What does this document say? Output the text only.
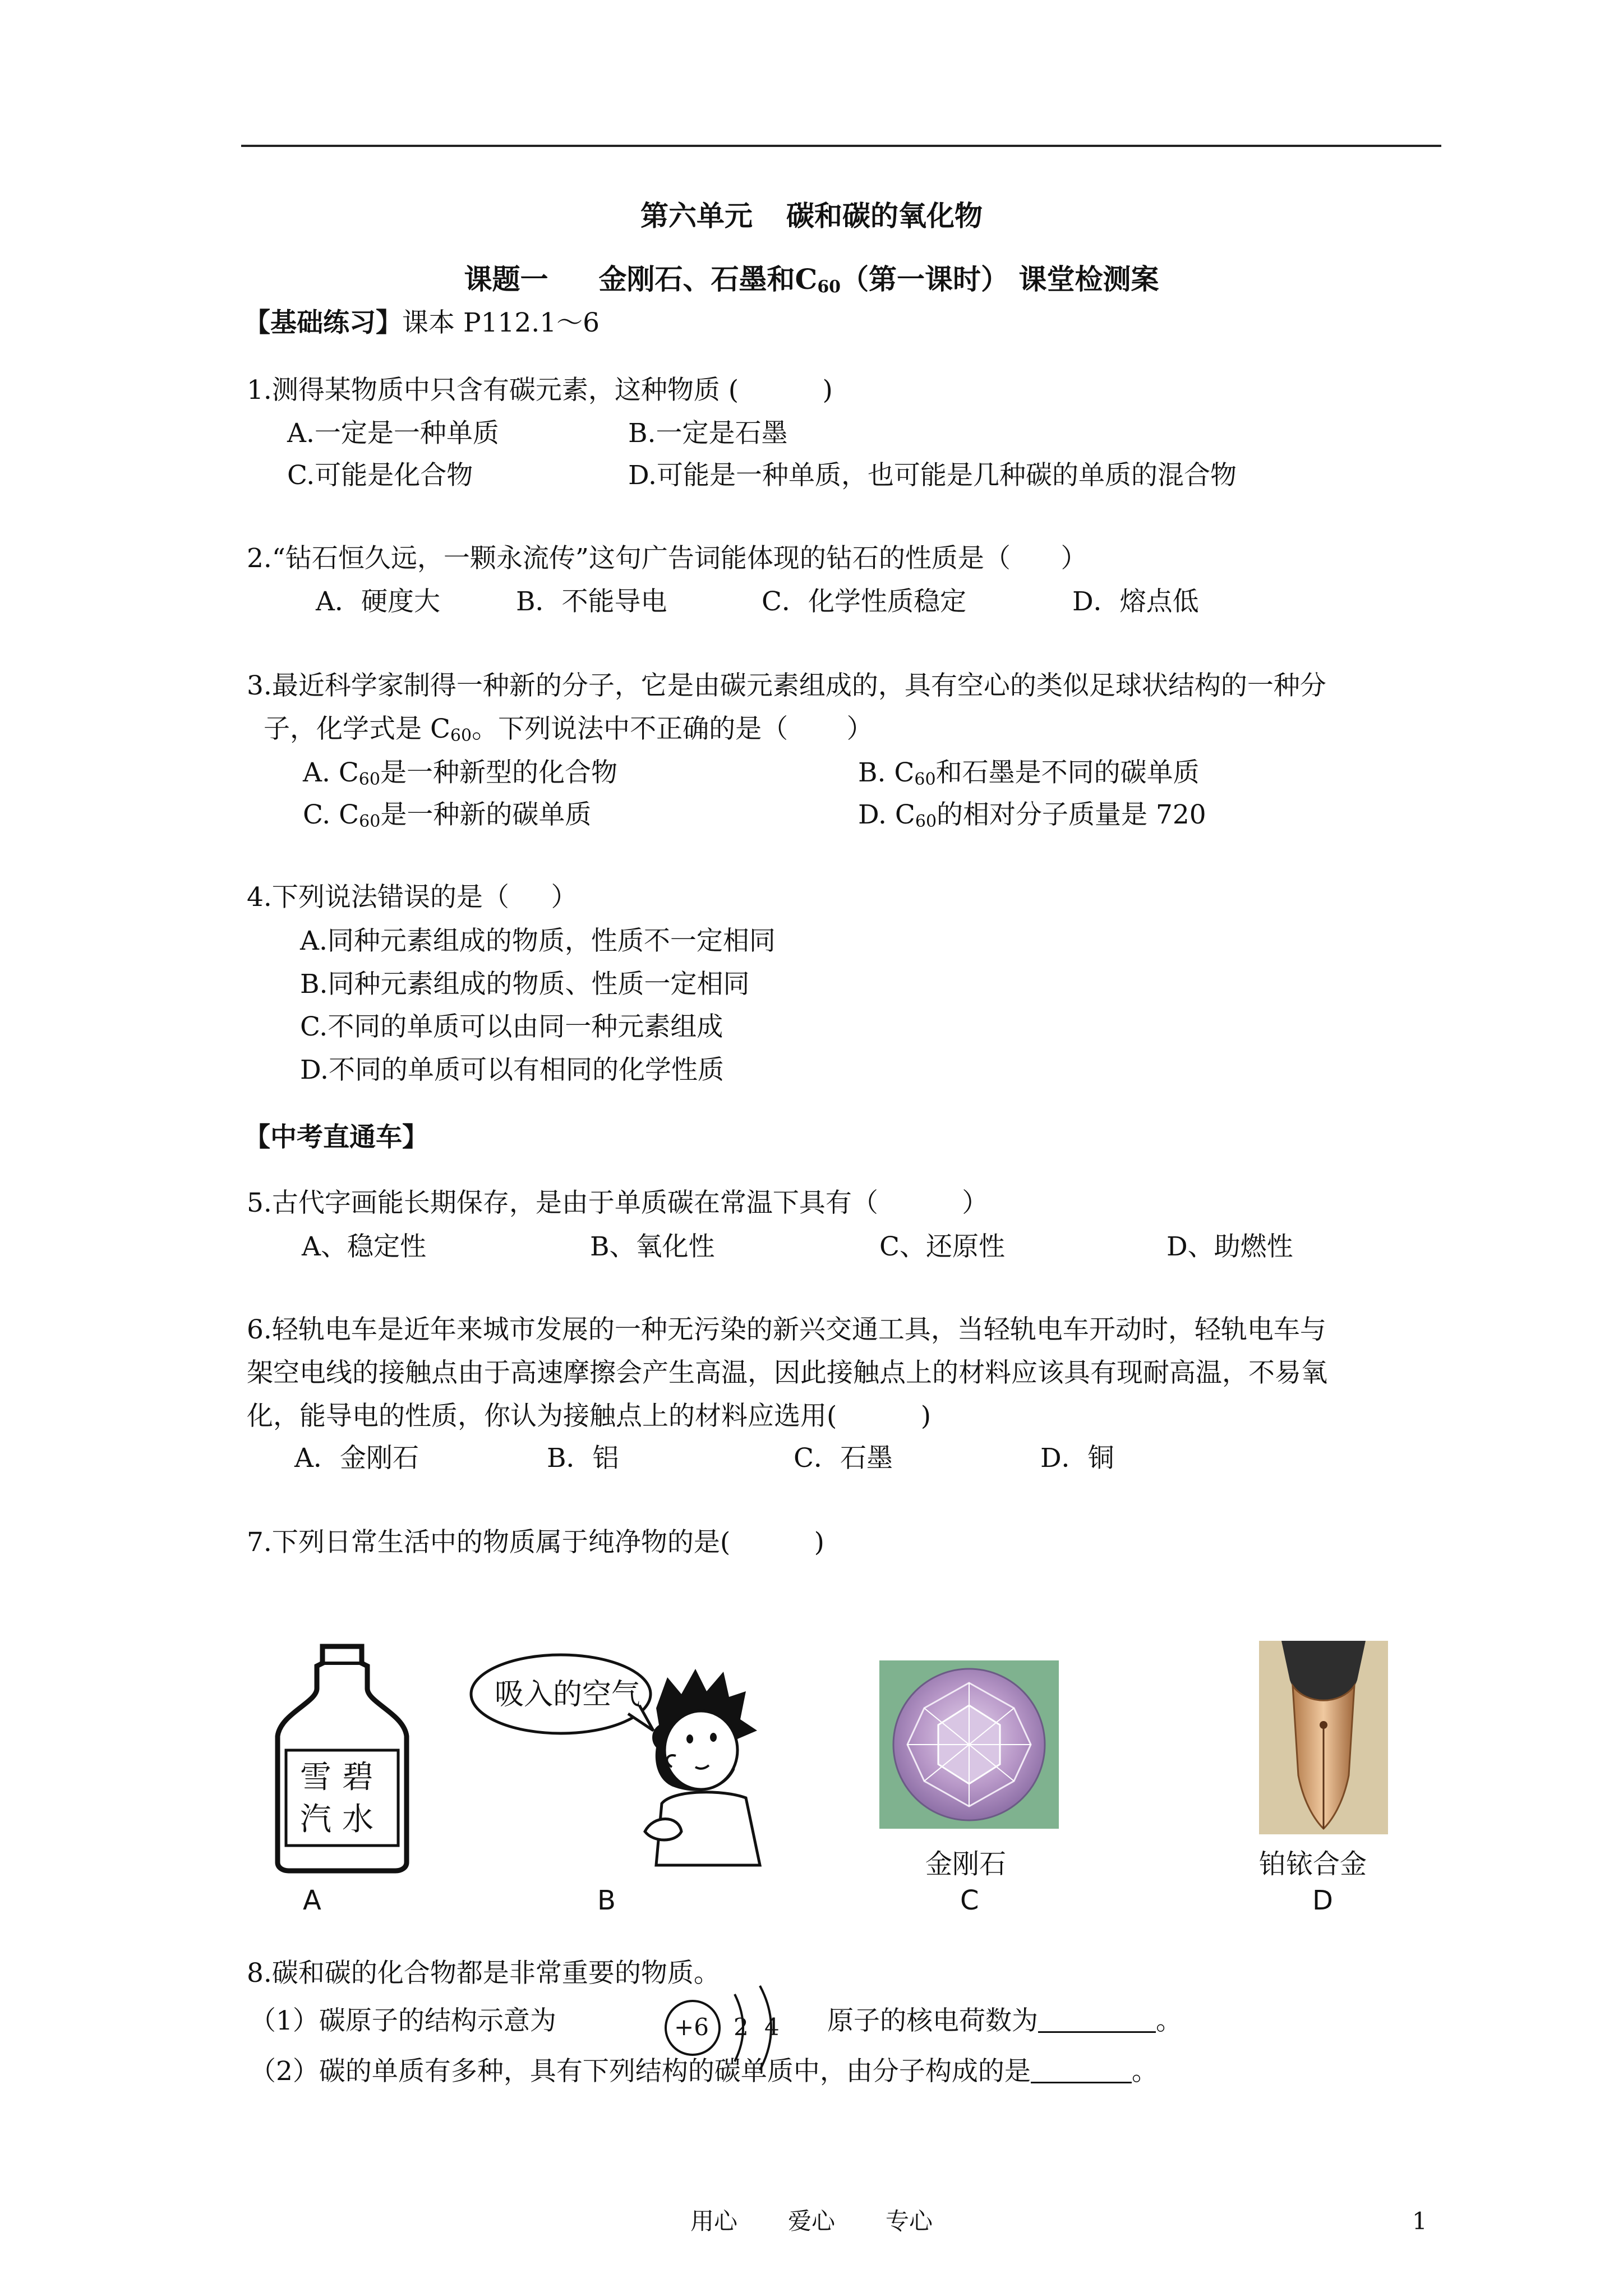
第六单元 碳和碳的氧化物
课题一 金刚石、石墨和$C_{60}$（第一课时） 课堂检测案
【基础练习】课本 P112.1～6
1.测得某物质中只含有碳元素，这种物质 (          )
A.一定是一种单质	B.一定是石墨
C.可能是化合物	D.可能是一种单质，也可能是几种碳的单质的混合物
2.“钻石恒久远，一颗永流传”这句广告词能体现的钻石的性质是（      ）
A．硬度大	B．不能导电	C．化学性质稳定	D．熔点低
3.最近科学家制得一种新的分子，它是由碳元素组成的，具有空心的类似足球状结构的一种分
子，化学式是 $C_{60}$。下列说法中不正确的是（       ）
A. $C_{60}$是一种新型的化合物	B. $C_{60}$和石墨是不同的碳单质
C. $C_{60}$是一种新的碳单质	D. $C_{60}$的相对分子质量是 720
4.下列说法错误的是（     ）
A.同种元素组成的物质，性质不一定相同
B.同种元素组成的物质、性质一定相同
C.不同的单质可以由同一种元素组成
D.不同的单质可以有相同的化学性质
【中考直通车】
5.古代字画能长期保存，是由于单质碳在常温下具有（          ）
A、稳定性	B、氧化性	C、还原性	D、助燃性
6.轻轨电车是近年来城市发展的一种无污染的新兴交通工具，当轻轨电车开动时，轻轨电车与
架空电线的接触点由于高速摩擦会产生高温，因此接触点上的材料应该具有现耐高温，不易氧
化，能导电的性质，你认为接触点上的材料应选用(          )
A．金刚石	B．铝	C．石墨	D．铜
7.下列日常生活中的物质属于纯净物的是(          )
雪 碧
汽 水
吸入的空气
金刚石	铂铱合金
A	B	C	D
8.碳和碳的化合物都是非常重要的物质。
（1）碳原子的结构示意为	+6 2 4 原子的核电荷数为	。
（2）碳的单质有多种，具有下列结构的碳单质中，由分子构成的是	。
用心 爱心 专心	1
